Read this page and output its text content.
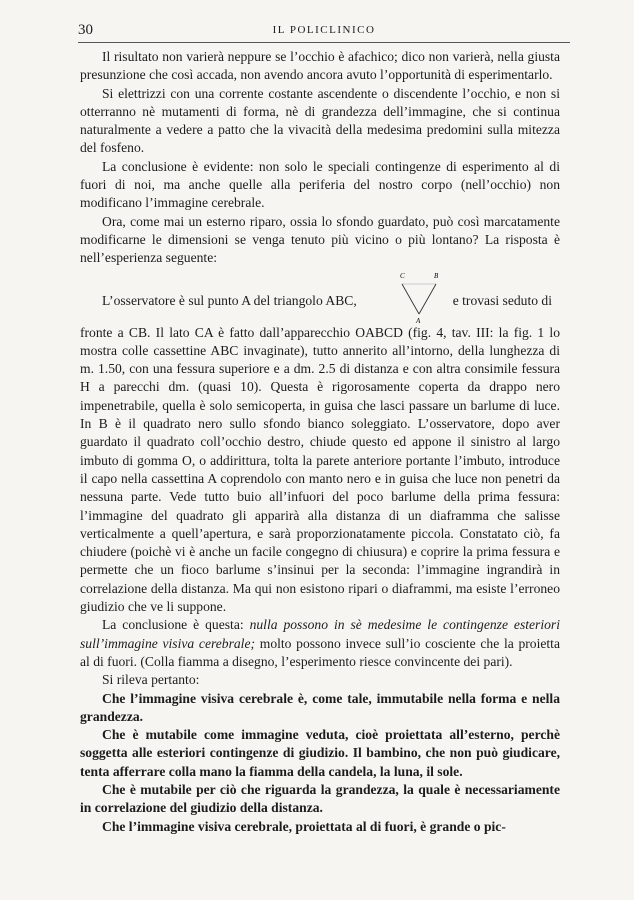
30	IL POLICLINICO

Il risultato non varierà neppure se l’occhio è afachico; dico non varierà, nella giusta presunzione che così accada, non avendo ancora avuto l’opportunità di esperimentarlo.

Si elettrizzi con una corrente costante ascendente o discendente l’occhio, e non si otterranno nè mutamenti di forma, nè di grandezza dell’immagine, che si continua naturalmente a vedere a patto che la vivacità della medesima predomini sulla mitezza del fosfeno.

La conclusione è evidente: non solo le speciali contingenze di esperimento al di fuori di noi, ma anche quelle alla periferia del nostro corpo (nell’occhio) non modificano l’immagine cerebrale.

Ora, come mai un esterno riparo, ossia lo sfondo guardato, può così marcatamente modificarne le dimensioni se venga tenuto più vicino o più lontano? La risposta è nell’esperienza seguente:

L’osservatore è sul punto A del triangolo ABC,
C	B
A
e trovasi seduto di

fronte a CB. Il lato CA è fatto dall’apparecchio OABCD (fig. 4, tav. III: la fig. 1 lo mostra colle cassettine ABC invaginate), tutto annerito all’intorno, della lunghezza di m. 1.50, con una fessura superiore e a dm. 2.5 di distanza e con altra consimile fessura H a parecchi dm. (quasi 10). Questa è rigorosamente coperta da drappo nero impenetrabile, quella è solo semicoperta, in guisa che lasci passare un barlume di luce. In B è il quadrato nero sullo sfondo bianco soleggiato. L’osservatore, dopo aver guardato il quadrato coll’occhio destro, chiude questo ed appone il sinistro al largo imbuto di gomma O, o addirittura, tolta la parete anteriore portante l’imbuto, introduce il capo nella cassettina A coprendolo con manto nero e in guisa che luce non penetri da nessuna parte. Vede tutto buio all’infuori del poco barlume della prima fessura: l’immagine del quadrato gli apparirà alla distanza di un diaframma che salisse verticalmente a quell’apertura, e sarà proporzionatamente piccola. Constatato ciò, fa chiudere (poichè vi è anche un facile congegno di chiusura) e coprire la prima fessura e permette che un fioco barlume s’insinui per la seconda: l’immagine ingrandirà in correlazione della distanza. Ma qui non esistono ripari o diaframmi, ma esiste l’erroneo giudizio che ve li suppone.

La conclusione è questa: nulla possono in sè medesime le contingenze esteriori sull’immagine visiva cerebrale; molto possono invece sull’io cosciente che la proietta al di fuori. (Colla fiamma a disegno, l’esperimento riesce convincente dei pari).

Si rileva pertanto:

Che l’immagine visiva cerebrale è, come tale, immutabile nella forma e nella grandezza.

Che è mutabile come immagine veduta, cioè proiettata all’esterno, perchè soggetta alle esteriori contingenze di giudizio. Il bambino, che non può giudicare, tenta afferrare colla mano la fiamma della candela, la luna, il sole.

Che è mutabile per ciò che riguarda la grandezza, la quale è necessariamente in correlazione del giudizio della distanza.

Che l’immagine visiva cerebrale, proiettata al di fuori, è grande o pic-
